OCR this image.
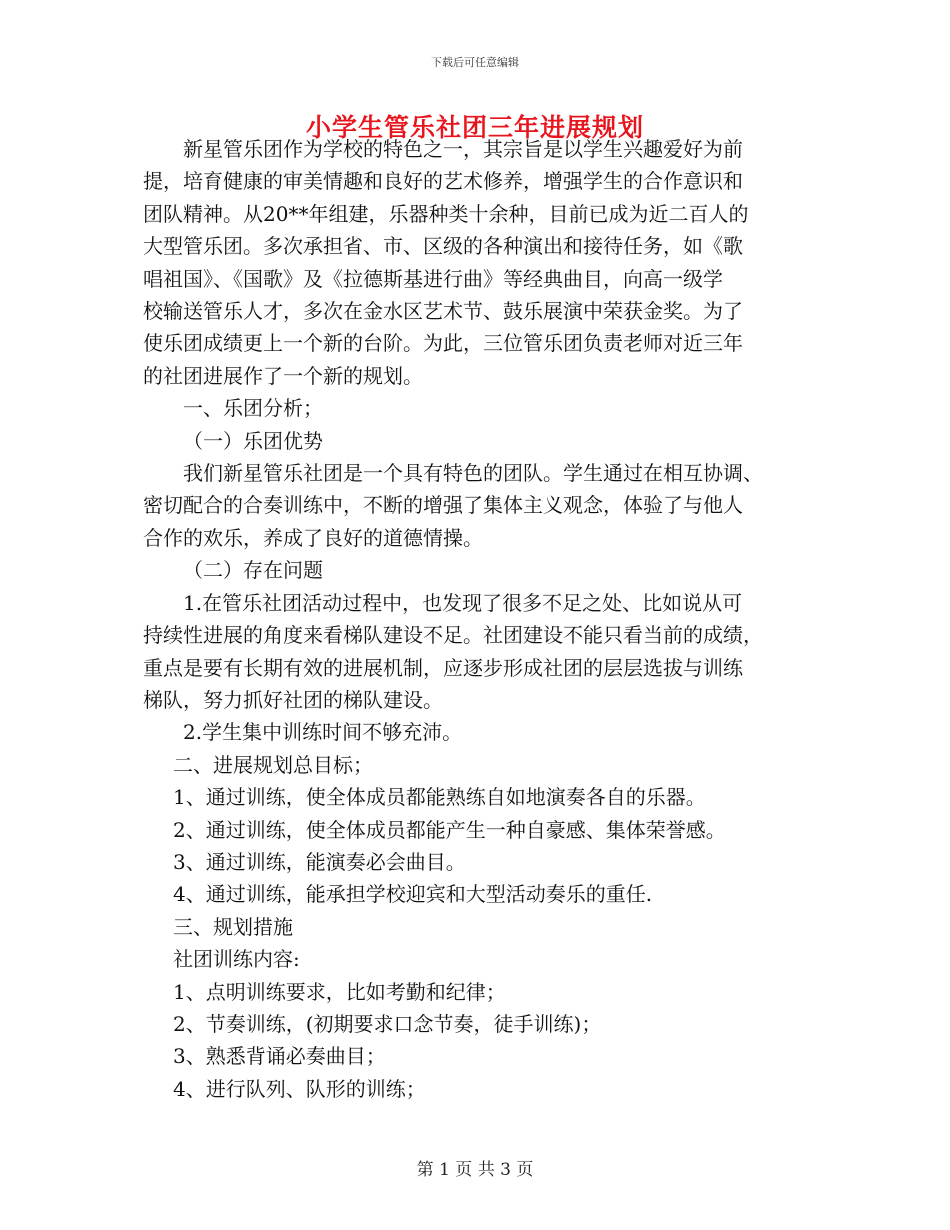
下载后可任意编辑
小学生管乐社团三年进展规划

新星管乐团作为学校的特色之一，其宗旨是以学生兴趣爱好为前

提，培育健康的审美情趣和良好的艺术修养，增强学生的合作意识和

团队精神。从20**年组建，乐器种类十余种，目前已成为近二百人的

大型管乐团。多次承担省、市、区级的各种演出和接待任务，如《歌

唱祖国》、《国歌》及《拉德斯基进行曲》等经典曲目，向高一级学

校输送管乐人才，多次在金水区艺术节、鼓乐展演中荣获金奖。为了

使乐团成绩更上一个新的台阶。为此，三位管乐团负责老师对近三年

的社团进展作了一个新的规划。

一、乐团分析；

（一）乐团优势

我们新星管乐社团是一个具有特色的团队。学生通过在相互协调、

密切配合的合奏训练中，不断的增强了集体主义观念，体验了与他人

合作的欢乐，养成了良好的道德情操。

（二）存在问题

1.在管乐社团活动过程中，也发现了很多不足之处、比如说从可

持续性进展的角度来看梯队建设不足。社团建设不能只看当前的成绩，

重点是要有长期有效的进展机制，应逐步形成社团的层层选拔与训练

梯队，努力抓好社团的梯队建设。

2.学生集中训练时间不够充沛。

二、进展规划总目标；

1、通过训练，使全体成员都能熟练自如地演奏各自的乐器。

2、通过训练，使全体成员都能产生一种自豪感、集体荣誉感。

3、通过训练，能演奏必会曲目。

4、通过训练，能承担学校迎宾和大型活动奏乐的重任.

三、规划措施

社团训练内容:

1、点明训练要求，比如考勤和纪律；

2、节奏训练，(初期要求口念节奏，徒手训练)；

3、熟悉背诵必奏曲目；

4、进行队列、队形的训练；

第 1 页 共 3 页
